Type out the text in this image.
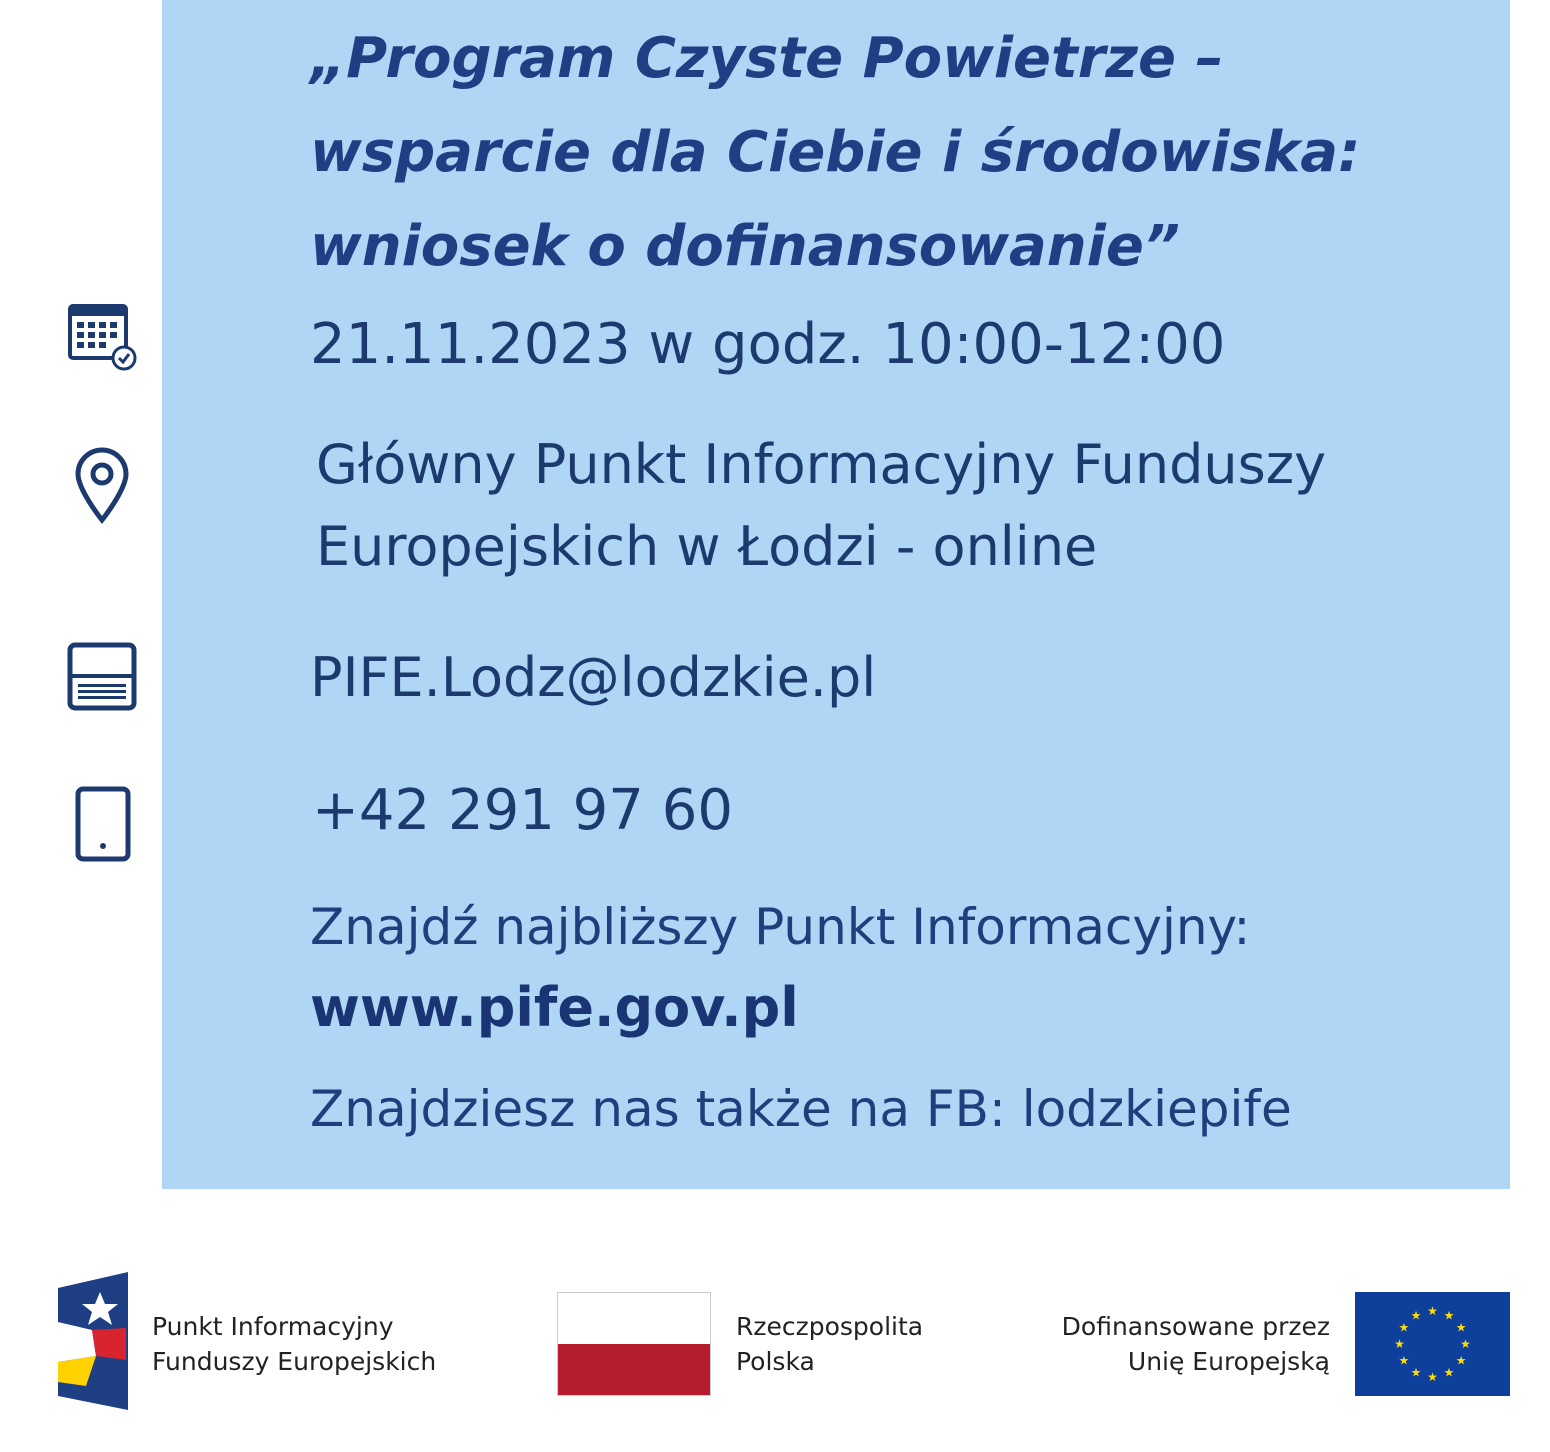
„Program Czyste Powietrze –
wsparcie dla Ciebie i środowiska:
wniosek o dofinansowanie”
21.11.2023 w godz. 10:00-12:00
Główny Punkt Informacyjny Funduszy
Europejskich w Łodzi - online
PIFE.Lodz@lodzkie.pl
+42 291 97 60
Znajdź najbliższy Punkt Informacyjny:
www.pife.gov.pl
Znajdziesz nas także na FB: lodzkiepife
Punkt Informacyjny
Funduszy Europejskich
Rzeczpospolita
Polska
Dofinansowane przez
Unię Europejską
★ ★
★
★
★
★
★
★
★
★
★
★
